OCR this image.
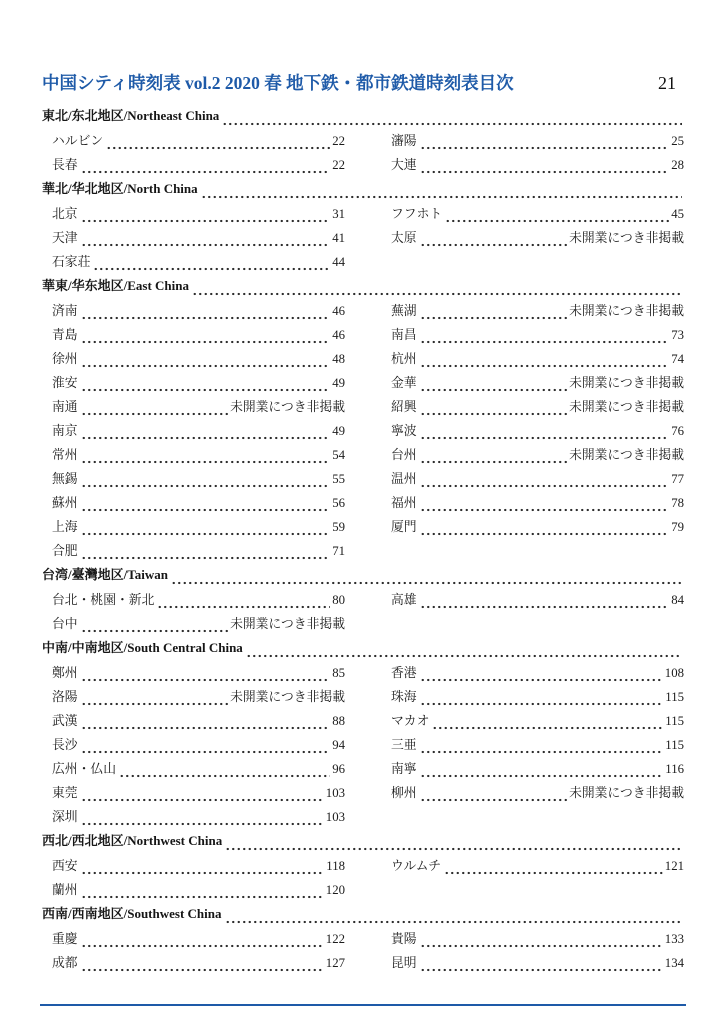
中国シティ時刻表 vol.2 2020 春 地下鉄・都市鉄道時刻表目次	21
東北/东北地区/Northeast China
ハルビン	22
長春	22
瀋陽	25
大連	28
華北/华北地区/North China
北京	31
天津	41
石家荘	44
フフホト	45
太原	未開業につき非掲載
華東/华东地区/East China
済南	46
青島	46
徐州	48
淮安	49
南通	未開業につき非掲載
南京	49
常州	54
無錫	55
蘇州	56
上海	59
合肥	71
蕪湖	未開業につき非掲載
南昌	73
杭州	74
金華	未開業につき非掲載
紹興	未開業につき非掲載
寧波	76
台州	未開業につき非掲載
温州	77
福州	78
厦門	79
台湾/臺灣地区/Taiwan
台北・桃園・新北	80
台中	未開業につき非掲載
高雄	84
中南/中南地区/South Central China
鄭州	85
洛陽	未開業につき非掲載
武漢	88
長沙	94
広州・仏山	96
東莞	103
深圳	103
香港	108
珠海	115
マカオ	115
三亜	115
南寧	116
柳州	未開業につき非掲載
西北/西北地区/Northwest China
西安	118
蘭州	120
ウルムチ	121
西南/西南地区/Southwest China
重慶	122
成都	127
貴陽	133
昆明	134
